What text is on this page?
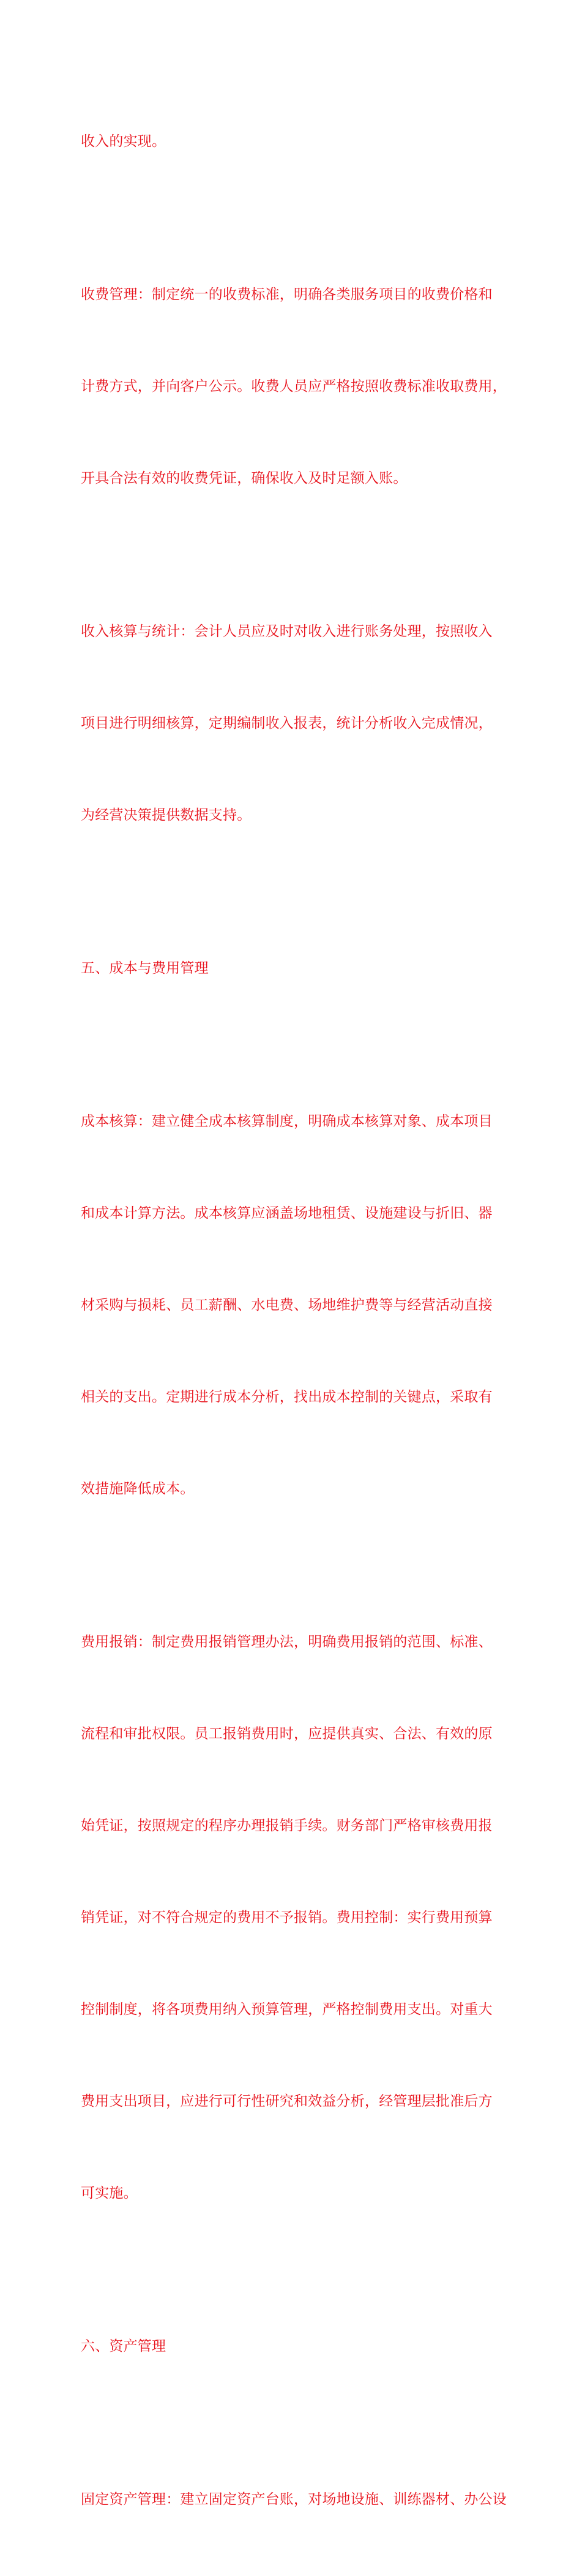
收入的实现。

收费管理：制定统一的收费标准，明确各类服务项目的收费价格和

计费方式，并向客户公示。收费人员应严格按照收费标准收取费用，

开具合法有效的收费凭证，确保收入及时足额入账。

收入核算与统计：会计人员应及时对收入进行账务处理，按照收入

项目进行明细核算，定期编制收入报表，统计分析收入完成情况，

为经营决策提供数据支持。

五、成本与费用管理

成本核算：建立健全成本核算制度，明确成本核算对象、成本项目

和成本计算方法。成本核算应涵盖场地租赁、设施建设与折旧、器

材采购与损耗、员工薪酬、水电费、场地维护费等与经营活动直接

相关的支出。定期进行成本分析，找出成本控制的关键点，采取有

效措施降低成本。

费用报销：制定费用报销管理办法，明确费用报销的范围、标准、

流程和审批权限。员工报销费用时，应提供真实、合法、有效的原

始凭证，按照规定的程序办理报销手续。财务部门严格审核费用报

销凭证，对不符合规定的费用不予报销。费用控制：实行费用预算

控制制度，将各项费用纳入预算管理，严格控制费用支出。对重大

费用支出项目，应进行可行性研究和效益分析，经管理层批准后方

可实施。

六、资产管理

固定资产管理：建立固定资产台账，对场地设施、训练器材、办公设
